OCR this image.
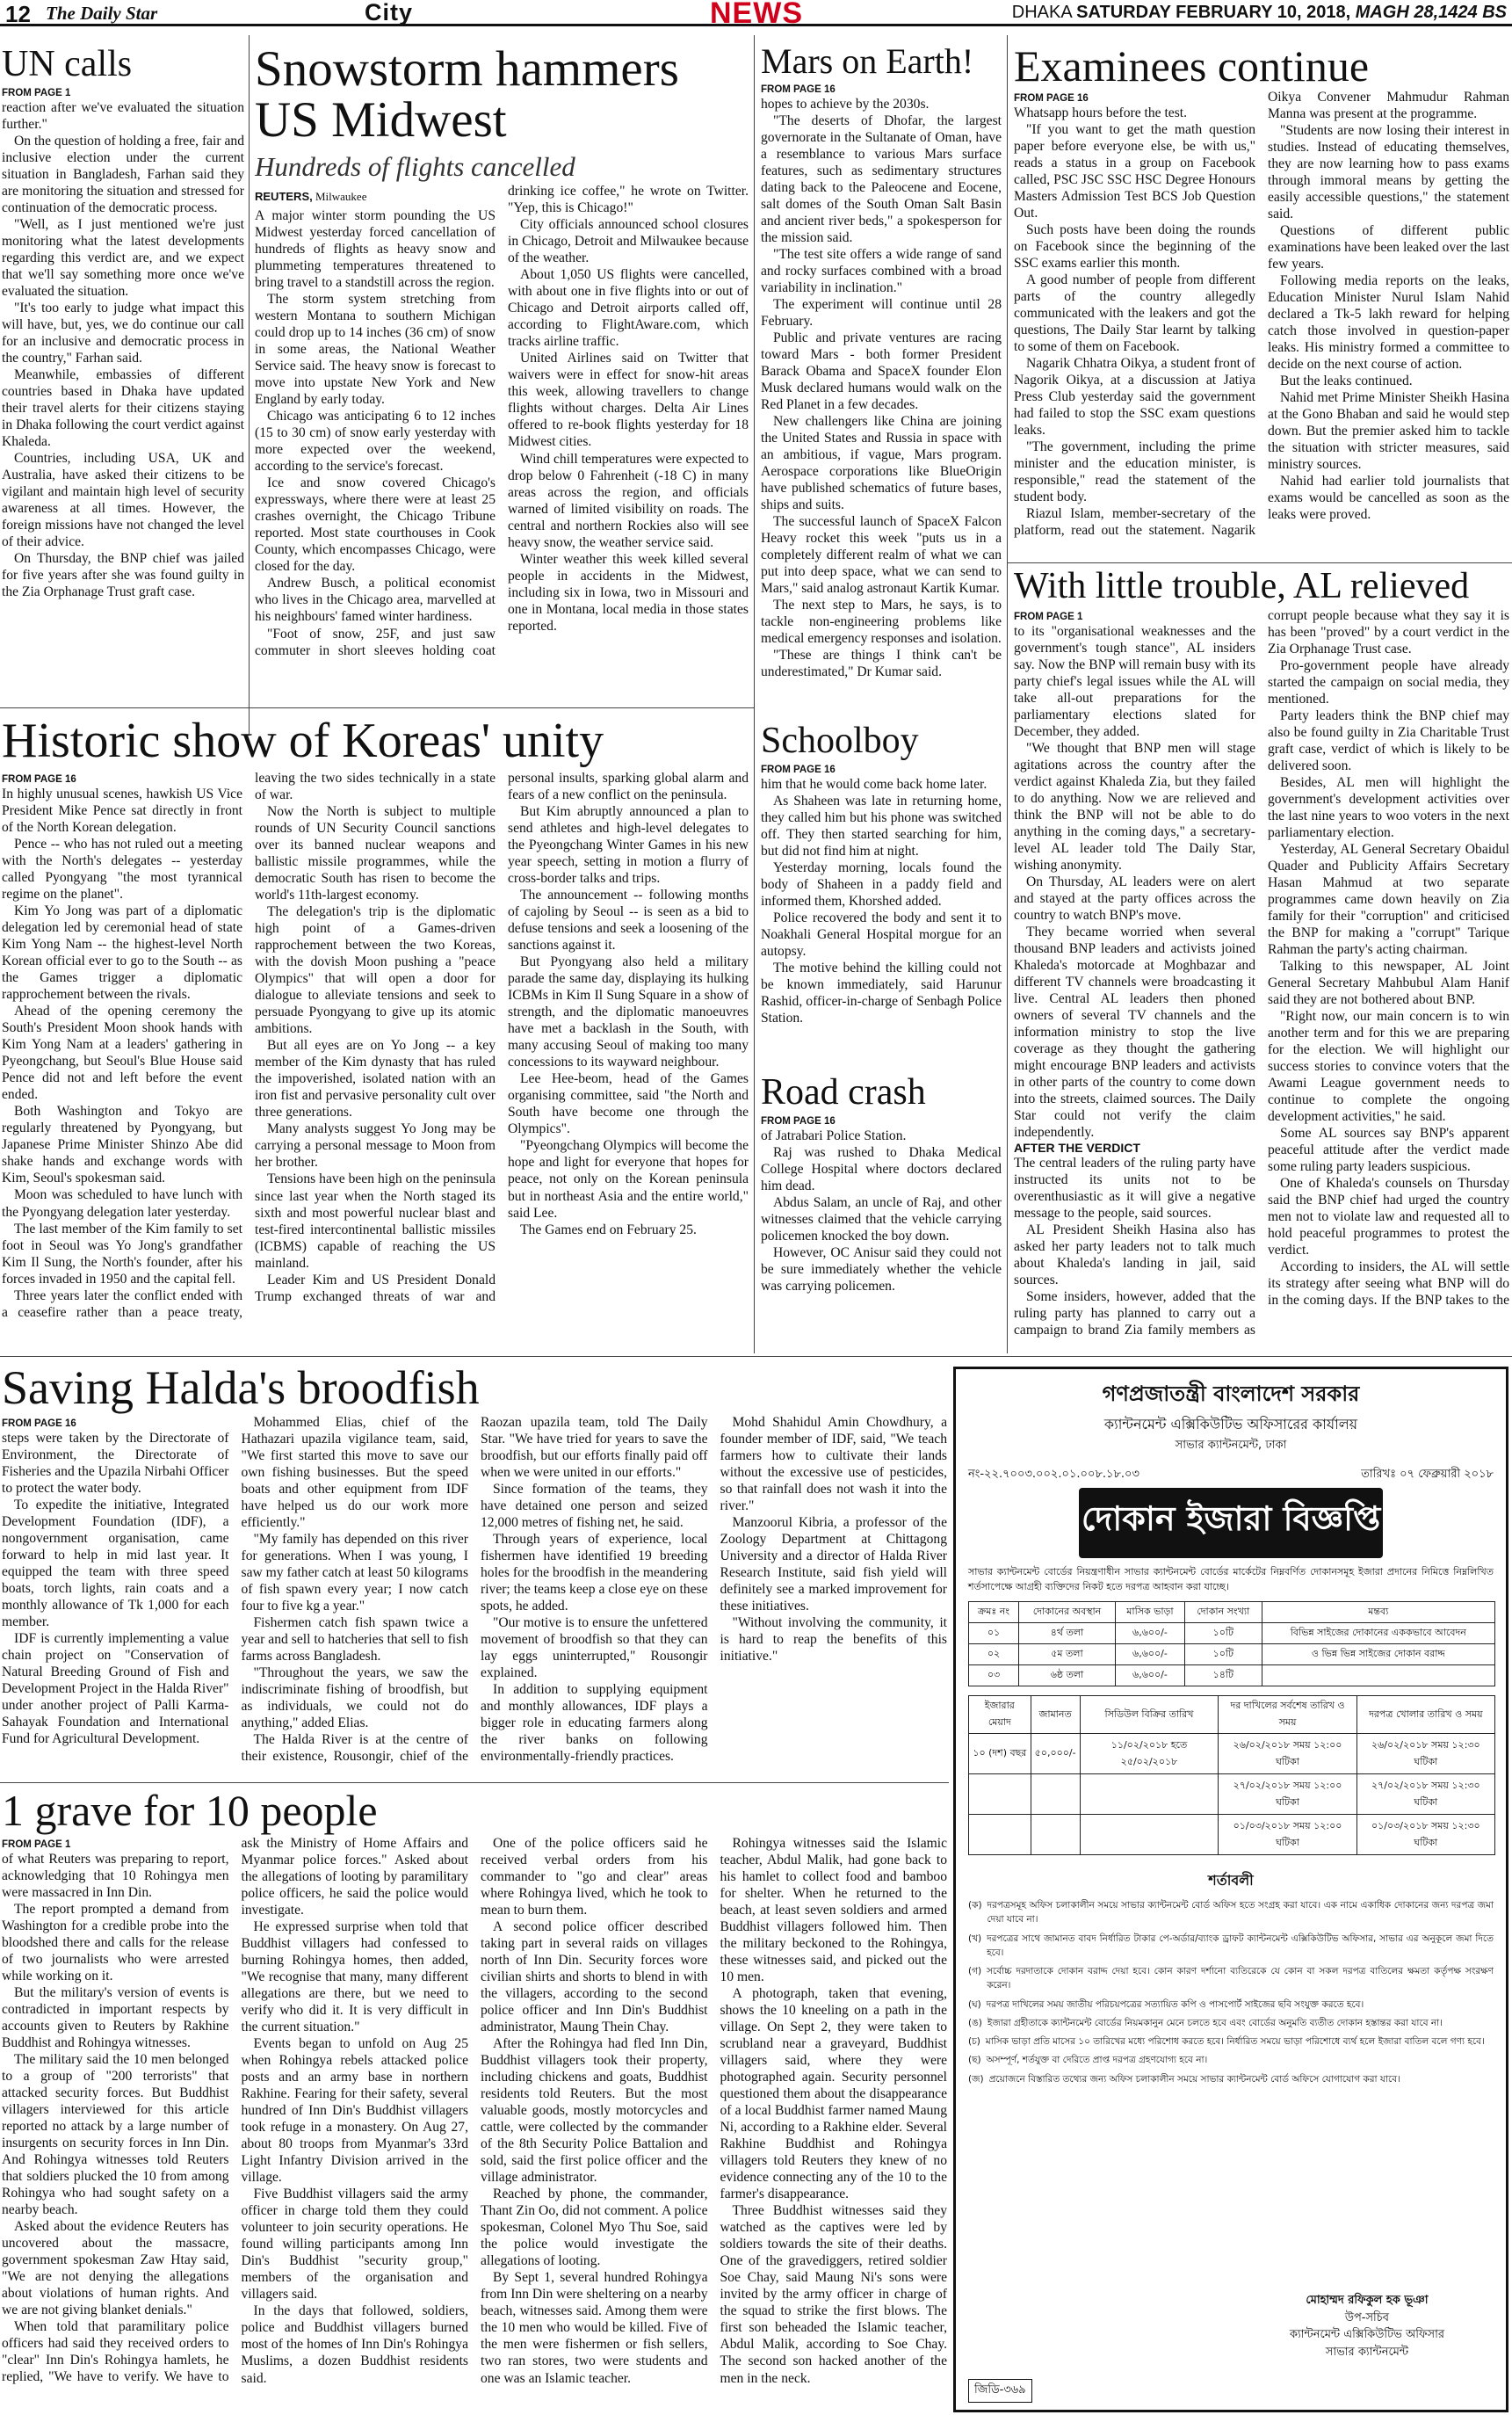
12 The Daily Star	City	NEWS	DHAKA SATURDAY FEBRUARY 10, 2018, MAGH 28,1424 BS
UN calls
FROM PAGE 1

reaction after we've evaluated the situation further."

On the question of holding a free, fair and inclusive election under the current situation in Bangladesh, Farhan said they are monitoring the situation and stressed for continuation of the democratic process.

"Well, as I just mentioned we're just monitoring what the latest developments regarding this verdict are, and we expect that we'll say something more once we've evaluated the situation.

"It's too early to judge what impact this will have, but, yes, we do continue our call for an inclusive and democratic process in the country," Farhan said.

Meanwhile, embassies of different countries based in Dhaka have updated their travel alerts for their citizens staying in Dhaka following the court verdict against Khaleda.

Countries, including USA, UK and Australia, have asked their citizens to be vigilant and maintain high level of security awareness at all times. However, the foreign missions have not changed the level of their advice.

On Thursday, the BNP chief was jailed for five years after she was found guilty in the Zia Orphanage Trust graft case.

Snowstorm hammers US Midwest
Hundreds of flights cancelled
REUTERS, Milwaukee

A major winter storm pounding the US Midwest yesterday forced cancellation of hundreds of flights as heavy snow and plummeting temperatures threatened to bring travel to a standstill across the region.

The storm system stretching from western Montana to southern Michigan could drop up to 14 inches (36 cm) of snow in some areas, the National Weather Service said. The heavy snow is forecast to move into upstate New York and New England by early today.

Chicago was anticipating 6 to 12 inches (15 to 30 cm) of snow early yesterday with more expected over the weekend, according to the service's forecast.

Ice and snow covered Chicago's expressways, where there were at least 25 crashes overnight, the Chicago Tribune reported. Most state courthouses in Cook County, which encompasses Chicago, were closed for the day.

Andrew Busch, a political economist who lives in the Chicago area, marvelled at his neighbours' famed winter hardiness.

"Foot of snow, 25F, and just saw commuter in short sleeves holding coat drinking ice coffee," he wrote on Twitter. "Yep, this is Chicago!"

City officials announced school closures in Chicago, Detroit and Milwaukee because of the weather.

About 1,050 US flights were cancelled, with about one in five flights into or out of Chicago and Detroit airports called off, according to FlightAware.com, which tracks airline traffic.

United Airlines said on Twitter that waivers were in effect for snow-hit areas this week, allowing travellers to change flights without charges. Delta Air Lines offered to re-book flights yesterday for 18 Midwest cities.

Wind chill temperatures were expected to drop below 0 Fahrenheit (-18 C) in many areas across the region, and officials warned of limited visibility on roads. The central and northern Rockies also will see heavy snow, the weather service said.

Winter weather this week killed several people in accidents in the Midwest, including six in Iowa, two in Missouri and one in Montana, local media in those states reported.

Mars on Earth!
FROM PAGE 16

hopes to achieve by the 2030s.

"The deserts of Dhofar, the largest governorate in the Sultanate of Oman, have a resemblance to various Mars surface features, such as sedimentary structures dating back to the Paleocene and Eocene, salt domes of the South Oman Salt Basin and ancient river beds," a spokesperson for the mission said.

"The test site offers a wide range of sand and rocky surfaces combined with a broad variability in inclination."

The experiment will continue until 28 February.

Public and private ventures are racing toward Mars - both former President Barack Obama and SpaceX founder Elon Musk declared humans would walk on the Red Planet in a few decades.

New challengers like China are joining the United States and Russia in space with an ambitious, if vague, Mars program. Aerospace corporations like BlueOrigin have published schematics of future bases, ships and suits.

The successful launch of SpaceX Falcon Heavy rocket this week "puts us in a completely different realm of what we can put into deep space, what we can send to Mars," said analog astronaut Kartik Kumar.

The next step to Mars, he says, is to tackle non-engineering problems like medical emergency responses and isolation.

"These are things I think can't be underestimated," Dr Kumar said.

Examinees continue
FROM PAGE 16

Whatsapp hours before the test.

"If you want to get the math question paper before everyone else, be with us," reads a status in a group on Facebook called, PSC JSC SSC HSC Degree Honours Masters Admission Test BCS Job Question Out.

Such posts have been doing the rounds on Facebook since the beginning of the SSC exams earlier this month.

A good number of people from different parts of the country allegedly communicated with the leakers and got the questions, The Daily Star learnt by talking to some of them on Facebook.

Nagarik Chhatra Oikya, a student front of Nagorik Oikya, at a discussion at Jatiya Press Club yesterday said the government had failed to stop the SSC exam questions leaks.

"The government, including the prime minister and the education minister, is responsible," read the statement of the student body.

Riazul Islam, member-secretary of the platform, read out the statement. Nagarik Oikya Convener Mahmudur Rahman Manna was present at the programme.

"Students are now losing their interest in studies. Instead of educating themselves, they are now learning how to pass exams through immoral means by getting the easily accessible questions," the statement said.

Questions of different public examinations have been leaked over the last few years.

Following media reports on the leaks, Education Minister Nurul Islam Nahid declared a Tk-5 lakh reward for helping catch those involved in question-paper leaks. His ministry formed a committee to decide on the next course of action.

But the leaks continued.

Nahid met Prime Minister Sheikh Hasina at the Gono Bhaban and said he would step down. But the premier asked him to tackle the situation with stricter measures, said ministry sources.

Nahid had earlier told journalists that exams would be cancelled as soon as the leaks were proved.

Historic show of Koreas' unity
FROM PAGE 16

In highly unusual scenes, hawkish US Vice President Mike Pence sat directly in front of the North Korean delegation.

Pence -- who has not ruled out a meeting with the North's delegates -- yesterday called Pyongyang "the most tyrannical regime on the planet".

Kim Yo Jong was part of a diplomatic delegation led by ceremonial head of state Kim Yong Nam -- the highest-level North Korean official ever to go to the South -- as the Games trigger a diplomatic rapprochement between the rivals.

Ahead of the opening ceremony the South's President Moon shook hands with Kim Yong Nam at a leaders' gathering in Pyeongchang, but Seoul's Blue House said Pence did not and left before the event ended.

Both Washington and Tokyo are regularly threatened by Pyongyang, but Japanese Prime Minister Shinzo Abe did shake hands and exchange words with Kim, Seoul's spokesman said.

Moon was scheduled to have lunch with the Pyongyang delegation later yesterday.

The last member of the Kim family to set foot in Seoul was Yo Jong's grandfather Kim Il Sung, the North's founder, after his forces invaded in 1950 and the capital fell.

Three years later the conflict ended with a ceasefire rather than a peace treaty, leaving the two sides technically in a state of war.

Now the North is subject to multiple rounds of UN Security Council sanctions over its banned nuclear weapons and ballistic missile programmes, while the democratic South has risen to become the world's 11th-largest economy.

The delegation's trip is the diplomatic high point of a Games-driven rapprochement between the two Koreas, with the dovish Moon pushing a "peace Olympics" that will open a door for dialogue to alleviate tensions and seek to persuade Pyongyang to give up its atomic ambitions.

But all eyes are on Yo Jong -- a key member of the Kim dynasty that has ruled the impoverished, isolated nation with an iron fist and pervasive personality cult over three generations.

Many analysts suggest Yo Jong may be carrying a personal message to Moon from her brother.

Tensions have been high on the peninsula since last year when the North staged its sixth and most powerful nuclear blast and test-fired intercontinental ballistic missiles (ICBMS) capable of reaching the US mainland.

Leader Kim and US President Donald Trump exchanged threats of war and personal insults, sparking global alarm and fears of a new conflict on the peninsula.

But Kim abruptly announced a plan to send athletes and high-level delegates to the Pyeongchang Winter Games in his new year speech, setting in motion a flurry of cross-border talks and trips.

The announcement -- following months of cajoling by Seoul -- is seen as a bid to defuse tensions and seek a loosening of the sanctions against it.

But Pyongyang also held a military parade the same day, displaying its hulking ICBMs in Kim Il Sung Square in a show of strength, and the diplomatic manoeuvres have met a backlash in the South, with many accusing Seoul of making too many concessions to its wayward neighbour.

Lee Hee-beom, head of the Games organising committee, said "the North and South have become one through the Olympics".

"Pyeongchang Olympics will become the hope and light for everyone that hopes for peace, not only on the Korean peninsula but in northeast Asia and the entire world," said Lee.

The Games end on February 25.

Schoolboy
FROM PAGE 16

him that he would come back home later.

As Shaheen was late in returning home, they called him but his phone was switched off. They then started searching for him, but did not find him at night.

Yesterday morning, locals found the body of Shaheen in a paddy field and informed them, Khorshed added.

Police recovered the body and sent it to Noakhali General Hospital morgue for an autopsy.

The motive behind the killing could not be known immediately, said Harunur Rashid, officer-in-charge of Senbagh Police Station.

Road crash
FROM PAGE 16

of Jatrabari Police Station.

Raj was rushed to Dhaka Medical College Hospital where doctors declared him dead.

Abdus Salam, an uncle of Raj, and other witnesses claimed that the vehicle carrying policemen knocked the boy down.

However, OC Anisur said they could not be sure immediately whether the vehicle was carrying policemen.

With little trouble, AL relieved
FROM PAGE 1

to its "organisational weaknesses and the government's tough stance", AL insiders say. Now the BNP will remain busy with its party chief's legal issues while the AL will take all-out preparations for the parliamentary elections slated for December, they added.

"We thought that BNP men will stage agitations across the country after the verdict against Khaleda Zia, but they failed to do anything. Now we are relieved and think the BNP will not be able to do anything in the coming days," a secretary-level AL leader told The Daily Star, wishing anonymity.

On Thursday, AL leaders were on alert and stayed at the party offices across the country to watch BNP's move.

They became worried when several thousand BNP leaders and activists joined Khaleda's motorcade at Moghbazar and different TV channels were broadcasting it live. Central AL leaders then phoned owners of several TV channels and the information ministry to stop the live coverage as they thought the gathering might encourage BNP leaders and activists in other parts of the country to come down into the streets, claimed sources. The Daily Star could not verify the claim independently.

AFTER THE VERDICT

The central leaders of the ruling party have instructed its units not to be overenthusiastic as it will give a negative message to the people, said sources.

AL President Sheikh Hasina also has asked her party leaders not to talk much about Khaleda's landing in jail, said sources.

Some insiders, however, added that the ruling party has planned to carry out a campaign to brand Zia family members as corrupt people because what they say it is has been "proved" by a court verdict in the Zia Orphanage Trust case.

Pro-government people have already started the campaign on social media, they mentioned.

Party leaders think the BNP chief may also be found guilty in Zia Charitable Trust graft case, verdict of which is likely to be delivered soon.

Besides, AL men will highlight the government's development activities over the last nine years to woo voters in the next parliamentary election.

Yesterday, AL General Secretary Obaidul Quader and Publicity Affairs Secretary Hasan Mahmud at two separate programmes came down heavily on Zia family for their "corruption" and criticised the BNP for making a "corrupt" Tarique Rahman the party's acting chairman.

Talking to this newspaper, AL Joint General Secretary Mahbubul Alam Hanif said they are not bothered about BNP.

"Right now, our main concern is to win another term and for this we are preparing for the election. We will highlight our success stories to convince voters that the Awami League government needs to continue to complete the ongoing development activities," he said.

Some AL sources say BNP's apparent peaceful attitude after the verdict made some ruling party leaders suspicious.

One of Khaleda's counsels on Thursday said the BNP chief had urged the country men not to violate law and requested all to hold peaceful programmes to protest the verdict.

According to insiders, the AL will settle its strategy after seeing what BNP will do in the coming days. If the BNP takes to the

Saving Halda's broodfish
FROM PAGE 16

steps were taken by the Directorate of Environment, the Directorate of Fisheries and the Upazila Nirbahi Officer to protect the water body.

To expedite the initiative, Integrated Development Foundation (IDF), a nongovernment organisation, came forward to help in mid last year. It equipped the team with three speed boats, torch lights, rain coats and a monthly allowance of Tk 1,000 for each member.

IDF is currently implementing a value chain project on "Conservation of Natural Breeding Ground of Fish and Development Project in the Halda River" under another project of Palli Karma-Sahayak Foundation and International Fund for Agricultural Development.

Mohammed Elias, chief of the Hathazari upazila vigilance team, said, "We first started this move to save our own fishing businesses. But the speed boats and other equipment from IDF have helped us do our work more efficiently."

"My family has depended on this river for generations. When I was young, I saw my father catch at least 50 kilograms of fish spawn every year; I now catch four to five kg a year."

Fishermen catch fish spawn twice a year and sell to hatcheries that sell to fish farms across Bangladesh.

"Throughout the years, we saw the indiscriminate fishing of broodfish, but as individuals, we could not do anything," added Elias.

The Halda River is at the centre of their existence, Rousongir, chief of the Raozan upazila team, told The Daily Star. "We have tried for years to save the broodfish, but our efforts finally paid off when we were united in our efforts."

Since formation of the teams, they have detained one person and seized 12,000 metres of fishing net, he said.

Through years of experience, local fishermen have identified 19 breeding holes for the broodfish in the meandering river; the teams keep a close eye on these spots, he added.

"Our motive is to ensure the unfettered movement of broodfish so that they can lay eggs uninterrupted," Rousongir explained.

In addition to supplying equipment and monthly allowances, IDF plays a bigger role in educating farmers along the river banks on following environmentally-friendly practices.

Mohd Shahidul Amin Chowdhury, a founder member of IDF, said, "We teach farmers how to cultivate their lands without the excessive use of pesticides, so that rainfall does not wash it into the river."

Manzoorul Kibria, a professor of the Zoology Department at Chittagong University and a director of Halda River Research Institute, said fish yield will definitely see a marked improvement for these initiatives.

"Without involving the community, it is hard to reap the benefits of this initiative."

1 grave for 10 people
FROM PAGE 1

of what Reuters was preparing to report, acknowledging that 10 Rohingya men were massacred in Inn Din.

The report prompted a demand from Washington for a credible probe into the bloodshed there and calls for the release of two journalists who were arrested while working on it.

But the military's version of events is contradicted in important respects by accounts given to Reuters by Rakhine Buddhist and Rohingya witnesses.

The military said the 10 men belonged to a group of "200 terrorists" that attacked security forces. But Buddhist villagers interviewed for this article reported no attack by a large number of insurgents on security forces in Inn Din. And Rohingya witnesses told Reuters that soldiers plucked the 10 from among Rohingya who had sought safety on a nearby beach.

Asked about the evidence Reuters has uncovered about the massacre, government spokesman Zaw Htay said, "We are not denying the allegations about violations of human rights. And we are not giving blanket denials."

When told that paramilitary police officers had said they received orders to "clear" Inn Din's Rohingya hamlets, he replied, "We have to verify. We have to ask the Ministry of Home Affairs and Myanmar police forces." Asked about the allegations of looting by paramilitary police officers, he said the police would investigate.

He expressed surprise when told that Buddhist villagers had confessed to burning Rohingya homes, then added, "We recognise that many, many different allegations are there, but we need to verify who did it. It is very difficult in the current situation."

Events began to unfold on Aug 25 when Rohingya rebels attacked police posts and an army base in northern Rakhine. Fearing for their safety, several hundred of Inn Din's Buddhist villagers took refuge in a monastery. On Aug 27, about 80 troops from Myanmar's 33rd Light Infantry Division arrived in the village.

Five Buddhist villagers said the army officer in charge told them they could volunteer to join security operations. He found willing participants among Inn Din's Buddhist "security group," members of the organisation and villagers said.

In the days that followed, soldiers, police and Buddhist villagers burned most of the homes of Inn Din's Rohingya Muslims, a dozen Buddhist residents said.

One of the police officers said he received verbal orders from his commander to "go and clear" areas where Rohingya lived, which he took to mean to burn them.

A second police officer described taking part in several raids on villages north of Inn Din. Security forces wore civilian shirts and shorts to blend in with the villagers, according to the second police officer and Inn Din's Buddhist administrator, Maung Thein Chay.

After the Rohingya had fled Inn Din, Buddhist villagers took their property, including chickens and goats, Buddhist residents told Reuters. But the most valuable goods, mostly motorcycles and cattle, were collected by the commander of the 8th Security Police Battalion and sold, said the first police officer and the village administrator.

Reached by phone, the commander, Thant Zin Oo, did not comment. A police spokesman, Colonel Myo Thu Soe, said the police would investigate the allegations of looting.

By Sept 1, several hundred Rohingya from Inn Din were sheltering on a nearby beach, witnesses said. Among them were the 10 men who would be killed. Five of the men were fishermen or fish sellers, two ran stores, two were students and one was an Islamic teacher.

Rohingya witnesses said the Islamic teacher, Abdul Malik, had gone back to his hamlet to collect food and bamboo for shelter. When he returned to the beach, at least seven soldiers and armed Buddhist villagers followed him. Then the military beckoned to the Rohingya, these witnesses said, and picked out the 10 men.

A photograph, taken that evening, shows the 10 kneeling on a path in the village. On Sept 2, they were taken to scrubland near a graveyard, Buddhist villagers said, where they were photographed again. Security personnel questioned them about the disappearance of a local Buddhist farmer named Maung Ni, according to a Rakhine elder. Several Rakhine Buddhist and Rohingya villagers told Reuters they knew of no evidence connecting any of the 10 to the farmer's disappearance.

Three Buddhist witnesses said they watched as the captives were led by soldiers towards the site of their deaths. One of the gravediggers, retired soldier Soe Chay, said Maung Ni's sons were invited by the army officer in charge of the squad to strike the first blows. The first son beheaded the Islamic teacher, Abdul Malik, according to Soe Chay. The second son hacked another of the men in the neck.

গণপ্রজাতন্ত্রী বাংলাদেশ সরকার
ক্যান্টনমেন্ট এক্সিকিউটিভ অফিসারের কার্যালয়
সাভার ক্যান্টনমেন্ট, ঢাকা
নং-২২.৭০০৩.০০২.০১.০০৮.১৮.০৩	তারিখঃ ০৭ ফেব্রুয়ারী ২০১৮
দোকান ইজারা বিজ্ঞপ্তি
সাভার ক্যান্টনমেন্ট বোর্ডের নিয়ন্ত্রণাধীন সাভার ক্যান্টনমেন্ট বোর্ডের মার্কেটের নিম্নবর্ণিত দোকানসমূহ ইজারা প্রদানের নিমিত্তে নিম্নলিখিত শর্তসাপেক্ষে আগ্রহী ব্যক্তিদের নিকট হতে দরপত্র আহবান করা যাচ্ছে।
ক্রমঃ নং	দোকানের অবস্থান	মাসিক ভাড়া	দোকান সংখ্যা	মন্তব্য
০১	৪র্থ তলা	৬,৬০০/-	১০টি	বিভিন্ন সাইজের দোকানের এককভাবে আবেদন
০২	৫ম তলা	৬,৬০০/-	১০টি	ও ভিন্ন ভিন্ন সাইজের দোকান বরাদ্দ
০৩	৬ষ্ঠ তলা	৬,৬০০/-	১৪টি	
ইজারার মেয়াদ	জামানত	সিডিউল বিক্রির তারিখ	দর দাখিলের সর্বশেষ তারিখ ও সময়	দরপত্র খোলার তারিখ ও সময়
১০ (দশ) বছর	৫০,০০০/-	১১/০২/২০১৮ হতে ২৫/০২/২০১৮	২৬/০২/২০১৮ সময় ১২:০০ ঘটিকা	২৬/০২/২০১৮ সময় ১২:৩০ ঘটিকা
			২৭/০২/২০১৮ সময় ১২:০০ ঘটিকা	২৭/০২/২০১৮ সময় ১২:৩০ ঘটিকা
			০১/০৩/২০১৮ সময় ১২:০০ ঘটিকা	০১/০৩/২০১৮ সময় ১২:৩০ ঘটিকা
শর্তাবলী
(ক) দরপত্রসমূহ অফিস চলাকালীন সময়ে সাভার ক্যান্টনমেন্ট বোর্ড অফিস হতে সংগ্রহ করা যাবে। এক নামে একাধিক দোকানের জন্য দরপত্র জমা দেয়া যাবে না।
(খ) দরপত্রের সাথে জামানত বাবদ নির্ধারিত টাকার পে-অর্ডার/ব্যাংক ড্রাফট ক্যান্টনমেন্ট এক্সিকিউটিভ অফিসার, সাভার এর অনুকূলে জমা দিতে হবে।
(গ) সর্বোচ্চ দরদাতাকে দোকান বরাদ্দ দেয়া হবে। কোন কারণ দর্শানো ব্যতিরেকে যে কোন বা সকল দরপত্র বাতিলের ক্ষমতা কর্তৃপক্ষ সংরক্ষণ করেন।
(ঘ) দরপত্র দাখিলের সময় জাতীয় পরিচয়পত্রের সত্যায়িত কপি ও পাসপোর্ট সাইজের ছবি সংযুক্ত করতে হবে।
(ঙ) ইজারা গ্রহীতাকে ক্যান্টনমেন্ট বোর্ডের নিয়মকানুন মেনে চলতে হবে এবং বোর্ডের অনুমতি ব্যতীত দোকান হস্তান্তর করা যাবে না।
(চ) মাসিক ভাড়া প্রতি মাসের ১০ তারিখের মধ্যে পরিশোধ করতে হবে। নির্ধারিত সময়ে ভাড়া পরিশোধে ব্যর্থ হলে ইজারা বাতিল বলে গণ্য হবে।
(ছ) অসম্পূর্ণ, শর্তযুক্ত বা দেরিতে প্রাপ্ত দরপত্র গ্রহণযোগ্য হবে না।
(জ) প্রয়োজনে বিস্তারিত তথ্যের জন্য অফিস চলাকালীন সময়ে সাভার ক্যান্টনমেন্ট বোর্ড অফিসে যোগাযোগ করা যাবে।
মোহাম্মদ রফিকুল হক ভূঞা
উপ-সচিব
ক্যান্টনমেন্ট এক্সিকিউটিভ অফিসার
সাভার ক্যান্টনমেন্ট
জিডি-৩৬৯
